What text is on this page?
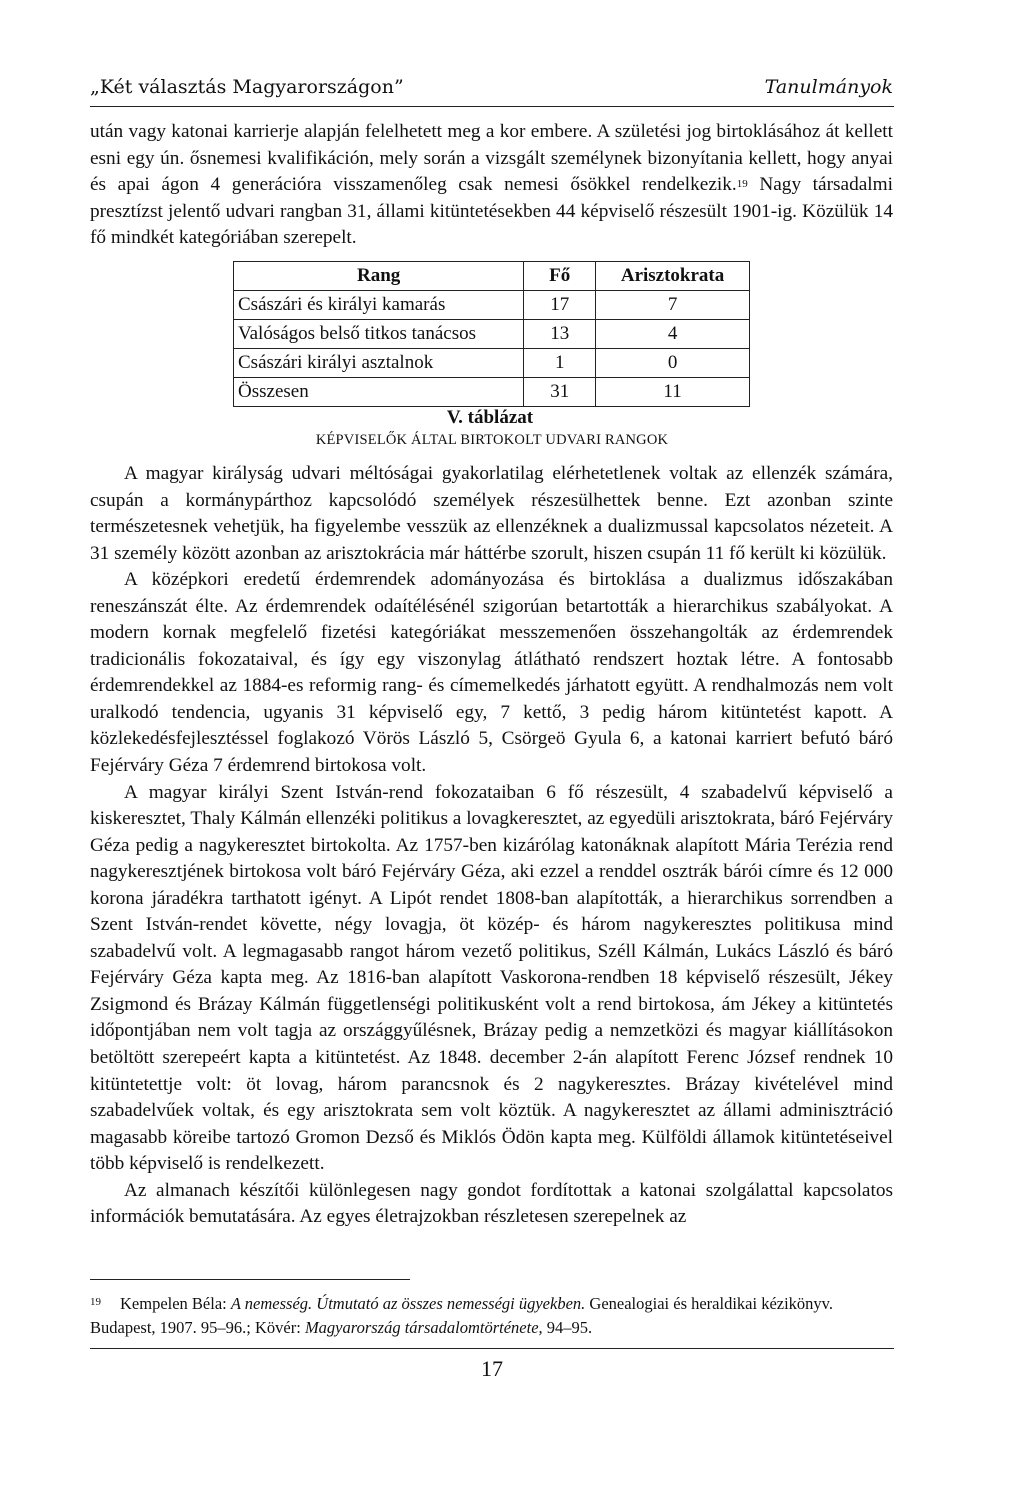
„Két választás Magyarországon”	Tanulmányok

után vagy katonai karrierje alapján felelhetett meg a kor embere. A születési jog birtoklásához át kellett esni egy ún. ősnemesi kvalifikáción, mely során a vizsgált személynek bizonyítania kellett, hogy anyai és apai ágon 4 generációra visszamenőleg csak nemesi ősökkel rendelkezik.$^{19}$ Nagy társadalmi presztízst jelentő udvari rangban 31, állami kitüntetésekben 44 képviselő részesült 1901-ig. Közülük 14 fő mindkét kategóriában szerepelt.

Rang	Fő	Arisztokrata
Császári és királyi kamarás	17	7
Valóságos belső titkos tanácsos	13	4
Császári királyi asztalnok	1	0
Összesen	31	11
V. táblázat
KÉPVISELŐK ÁLTAL BIRTOKOLT UDVARI RANGOK

A magyar királyság udvari méltóságai gyakorlatilag elérhetetlenek voltak az ellenzék számára, csupán a kormánypárthoz kapcsolódó személyek részesülhettek benne. Ezt azonban szinte természetesnek vehetjük, ha figyelembe vesszük az ellenzéknek a dualizmussal kapcsolatos nézeteit. A 31 személy között azonban az arisztokrácia már háttérbe szorult, hiszen csupán 11 fő került ki közülük.

A középkori eredetű érdemrendek adományozása és birtoklása a dualizmus időszakában reneszánszát élte. Az érdemrendek odaítélésénél szigorúan betartották a hierarchikus szabályokat. A modern kornak megfelelő fizetési kategóriákat messzemenően összehangolták az érdemrendek tradicionális fokozataival, és így egy viszonylag átlátható rendszert hoztak létre. A fontosabb érdemrendekkel az 1884-es reformig rang- és címemelkedés járhatott együtt. A rendhalmozás nem volt uralkodó tendencia, ugyanis 31 képviselő egy, 7 kettő, 3 pedig három kitüntetést kapott. A közlekedésfejlesztéssel foglakozó Vörös László 5, Csörgeö Gyula 6, a katonai karriert befutó báró Fejérváry Géza 7 érdemrend birtokosa volt.

A magyar királyi Szent István-rend fokozataiban 6 fő részesült, 4 szabadelvű képviselő a kiskeresztet, Thaly Kálmán ellenzéki politikus a lovagkeresztet, az egyedüli arisztokrata, báró Fejérváry Géza pedig a nagykeresztet birtokolta. Az 1757-ben kizárólag katonáknak alapított Mária Terézia rend nagykeresztjének birtokosa volt báró Fejérváry Géza, aki ezzel a renddel osztrák bárói címre és 12 000 korona járadékra tarthatott igényt. A Lipót rendet 1808-ban alapították, a hierarchikus sorrendben a Szent István-rendet követte, négy lovagja, öt közép- és három nagykeresztes politikusa mind szabadelvű volt. A legmagasabb rangot három vezető politikus, Széll Kálmán, Lukács László és báró Fejérváry Géza kapta meg. Az 1816-ban alapított Vaskorona-rendben 18 képviselő részesült, Jékey Zsigmond és Brázay Kálmán függetlenségi politikusként volt a rend birtokosa, ám Jékey a kitüntetés időpontjában nem volt tagja az országgyűlésnek, Brázay pedig a nemzetközi és magyar kiállításokon betöltött szerepeért kapta a kitüntetést. Az 1848. december 2-án alapított Ferenc József rendnek 10 kitüntetettje volt: öt lovag, három parancsnok és 2 nagykeresztes. Brázay kivételével mind szabadelvűek voltak, és egy arisztokrata sem volt köztük. A nagykeresztet az állami adminisztráció magasabb köreibe tartozó Gromon Dezső és Miklós Ödön kapta meg. Külföldi államok kitüntetéseivel több képviselő is rendelkezett.

Az almanach készítői különlegesen nagy gondot fordítottak a katonai szolgálattal kapcsolatos információk bemutatására. Az egyes életrajzokban részletesen szerepelnek az

19 Kempelen Béla: A nemesség. Útmutató az összes nemességi ügyekben. Genealogiai és heraldikai kézikönyv. Budapest, 1907. 95–96.; Kövér: Magyarország társadalomtörténete, 94–95.
17
